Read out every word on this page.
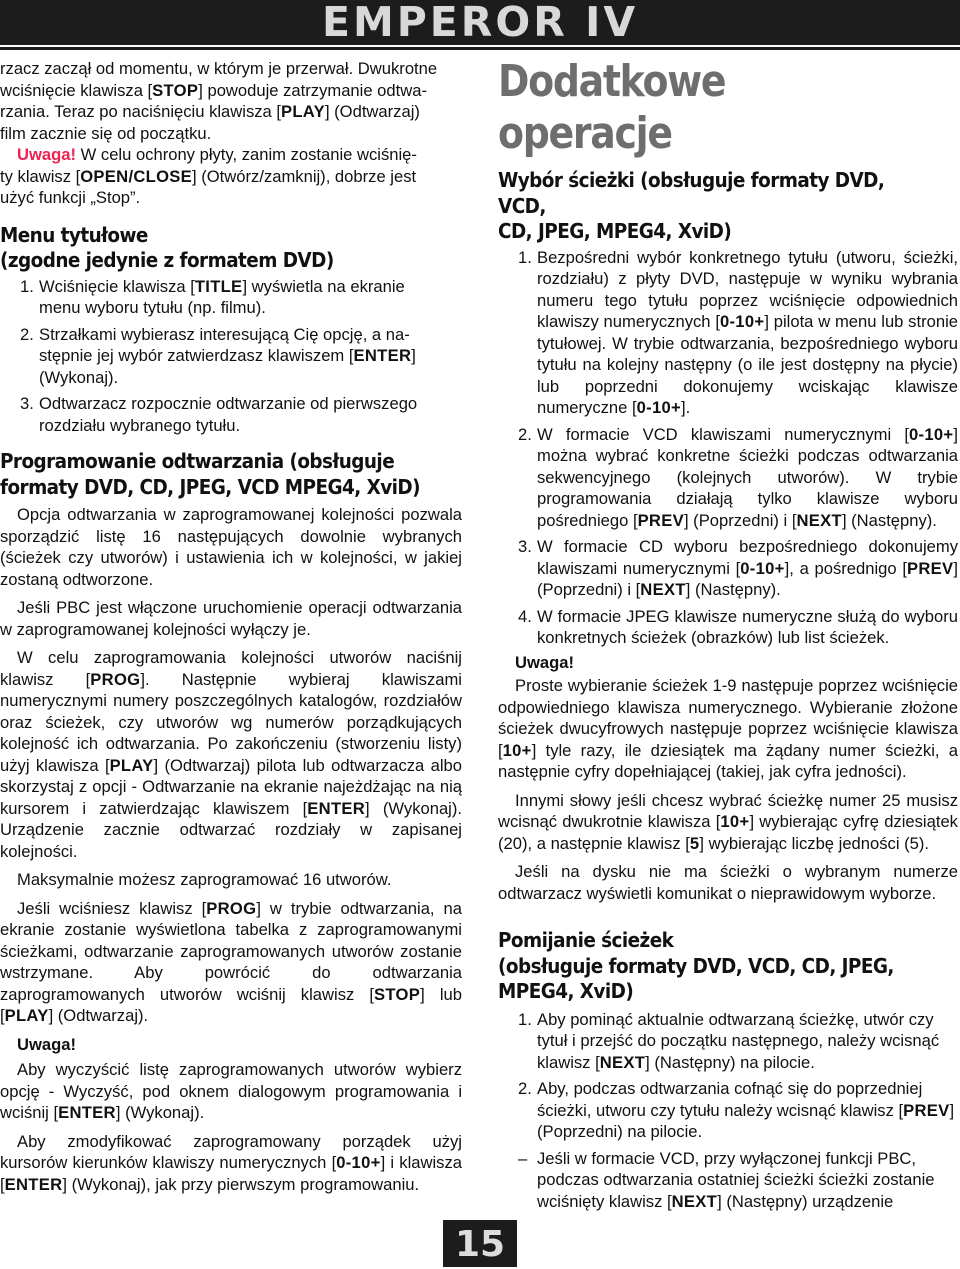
EMPEROR IV

rzacz zaczął od momentu, w którym je przerwał. Dwukrotne

wciśnięcie klawisza [STOP] powoduje zatrzymanie odtwa-

rzania. Teraz po naciśnięciu klawisza [PLAY] (Odtwarzaj)

film zacznie się od początku.

Uwaga! W celu ochrony płyty, zanim zostanie wciśnię-

ty klawisz [OPEN/CLOSE] (Otwórz/zamknij), dobrze jest

użyć funkcji „Stop”.

Menu tytułowe
(zgodne jedynie z formatem DVD)
1. Wciśnięcie klawisza [TITLE] wyświetla na ekranie
menu wyboru tytułu (np. filmu).
2. Strzałkami wybierasz interesującą Cię opcję, a na-
stępnie jej wybór zatwierdzasz klawiszem [ENTER]
(Wykonaj).
3. Odtwarzacz rozpocznie odtwarzanie od pierwszego
rozdziału wybranego tytułu.
Programowanie odtwarzania (obsługuje
formaty DVD, CD, JPEG, VCD MPEG4, XviD)

Opcja odtwarzania w zaprogramowanej kolejności pozwala sporządzić listę 16 następujących dowolnie wybranych (ścieżek czy utworów) i ustawienia ich w kolejności, w jakiej zostaną odtworzone.

Jeśli PBC jest włączone uruchomienie operacji odtwarzania w zaprogramowanej kolejności wyłączy je.

W celu zaprogramowania kolejności utworów naciśnij klawisz [PROG]. Następnie wybieraj klawiszami numerycznymi numery poszczególnych katalogów, rozdziałów oraz ścieżek, czy utworów wg numerów porządkujących kolejność ich odtwarzania. Po zakończeniu (stworzeniu listy) użyj klawisza [PLAY] (Odtwarzaj) pilota lub odtwarzacza albo skorzystaj z opcji - Odtwarzanie na ekranie najeżdżając na nią kursorem i zatwierdzając klawiszem [ENTER] (Wykonaj). Urządzenie zacznie odtwarzać rozdziały w zapisanej kolejności.

Maksymalnie możesz zaprogramować 16 utworów.

Jeśli wciśniesz klawisz [PROG] w trybie odtwarzania, na ekranie zostanie wyświetlona tabelka z zaprogramowanymi ścieżkami, odtwarzanie zaprogramowanych utworów zostanie wstrzymane. Aby powrócić do odtwarzania zaprogramowanych utworów wciśnij klawisz [STOP] lub [PLAY] (Odtwarzaj).

Uwaga!

Aby wyczyścić listę zaprogramowanych utworów wybierz opcję - Wyczyść, pod oknem dialogowym programowania i wciśnij [ENTER] (Wykonaj).

Aby zmodyfikować zaprogramowany porządek użyj kursorów kierunków klawiszy numerycznych [0-10+] i klawisza [ENTER] (Wykonaj), jak przy pierwszym programowaniu.

Dodatkowe operacje
Wybór ścieżki (obsługuje formaty DVD, VCD,
CD, JPEG, MPEG4, XviD)
1. Bezpośredni wybór konkretnego tytułu (utworu, ścieżki, rozdziału) z płyty DVD, następuje w wyniku wybrania numeru tego tytułu poprzez wciśnięcie odpowiednich klawiszy numerycznych [0-10+] pilota w menu lub stronie tytułowej. W trybie odtwarzania, bezpośredniego wyboru tytułu na kolejny następny (o ile jest dostępny na płycie) lub poprzedni dokonujemy wciskając klawisze numeryczne [0-10+].
2. W formacie VCD klawiszami numerycznymi [0-10+] można wybrać konkretne ścieżki podczas odtwarzania sekwencyjnego (kolejnych utworów). W trybie programowania działają tylko klawisze wyboru pośredniego [PREV] (Poprzedni) i [NEXT] (Następny).
3. W formacie CD wyboru bezpośredniego dokonujemy klawiszami numerycznymi [0-10+], a pośrednigo [PREV] (Poprzedni) i [NEXT] (Następny).
4. W formacie JPEG klawisze numeryczne służą do wyboru konkretnych ścieżek (obrazków) lub list ścieżek.

Uwaga!

Proste wybieranie ścieżek 1-9 następuje poprzez wciśnięcie odpowiedniego klawisza numerycznego. Wybieranie złożone ścieżek dwucyfrowych następuje poprzez wciśnięcie klawisza [10+] tyle razy, ile dziesiątek ma żądany numer ścieżki, a następnie cyfry dopełniającej (takiej, jak cyfra jedności).

Innymi słowy jeśli chcesz wybrać ścieżkę numer 25 musisz wcisnąć dwukrotnie klawisza [10+] wybierając cyfrę dziesiątek (20), a następnie klawisz [5] wybierając liczbę jedności (5).

Jeśli na dysku nie ma ścieżki o wybranym numerze odtwarzacz wyświetli komunikat o nieprawidowym wyborze.

Pomijanie ścieżek
(obsługuje formaty DVD, VCD, CD, JPEG,
MPEG4, XviD)
1. Aby pominąć aktualnie odtwarzaną ścieżkę, utwór czy tytuł i przejść do początku następnego, należy wcisnąć klawisz [NEXT] (Następny) na pilocie.
2. Aby, podczas odtwarzania cofnąć się do poprzedniej ścieżki, utworu czy tytułu należy wcisnąć klawisz [PREV] (Poprzedni) na pilocie.
– Jeśli w formacie VCD, przy wyłączonej funkcji PBC, podczas odtwarzania ostatniej ścieżki ścieżki zostanie wciśnięty klawisz [NEXT] (Następny) urządzenie
15
